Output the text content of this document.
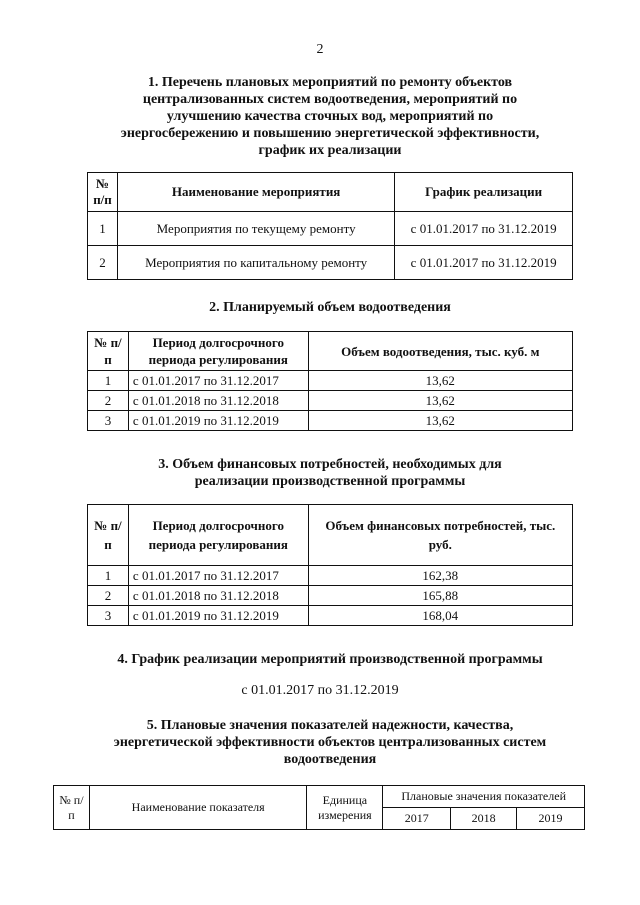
2
1. Перечень плановых мероприятий по ремонту объектов централизованных систем водоотведения, мероприятий по улучшению качества сточных вод, мероприятий по энергосбережению и повышению энергетической эффективности, график их реализации
№ п/п	Наименование мероприятия	График реализации
1	Мероприятия по текущему ремонту	с 01.01.2017 по 31.12.2019
2	Мероприятия по капитальному ремонту	с 01.01.2017 по 31.12.2019
2. Планируемый объем водоотведения
№ п/п	Период долгосрочного периода регулирования	Объем водоотведения, тыс. куб. м
1	с 01.01.2017 по 31.12.2017	13,62
2	с 01.01.2018 по 31.12.2018	13,62
3	с 01.01.2019 по 31.12.2019	13,62
3. Объем финансовых потребностей, необходимых для реализации производственной программы
№ п/п	Период долгосрочного периода регулирования	Объем финансовых потребностей, тыс. руб.
1	с 01.01.2017 по 31.12.2017	162,38
2	с 01.01.2018 по 31.12.2018	165,88
3	с 01.01.2019 по 31.12.2019	168,04
4. График реализации мероприятий производственной программы
с 01.01.2017 по 31.12.2019
5. Плановые значения показателей надежности, качества, энергетической эффективности объектов централизованных систем водоотведения
№ п/п	Наименование показателя	Единица измерения	Плановые значения показателей		
			2017	2018	2019
